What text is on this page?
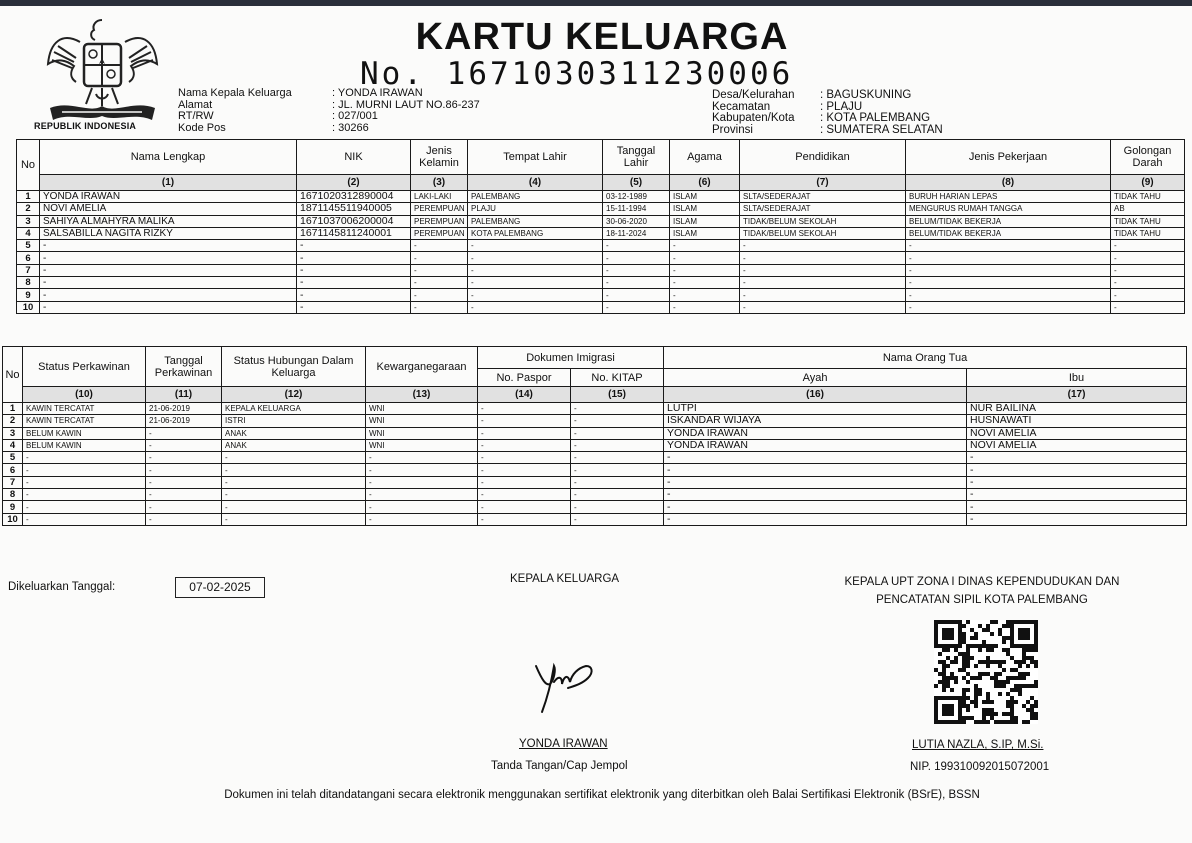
REPUBLIK INDONESIA
KARTU KELUARGA
No. 1671030311230006
Nama Kepala Keluarga	: YONDA IRAWAN
Alamat	: JL. MURNI LAUT NO.86-237
RT/RW	: 027/001
Kode Pos	: 30266
Desa/Kelurahan	: BAGUSKUNING
Kecamatan	: PLAJU
Kabupaten/Kota	: KOTA PALEMBANG
Provinsi	: SUMATERA SELATAN
No	Nama Lengkap	NIK	Jenis Kelamin	Tempat Lahir	Tanggal Lahir	Agama	Pendidikan	Jenis Pekerjaan	Golongan Darah
	(1)	(2)	(3)	(4)	(5)	(6)	(7)	(8)	(9)
1	YONDA IRAWAN	1671020312890004	LAKI-LAKI	PALEMBANG	03-12-1989	ISLAM	SLTA/SEDERAJAT	BURUH HARIAN LEPAS	TIDAK TAHU
2	NOVI AMELIA	1871145511940005	PEREMPUAN	PLAJU	15-11-1994	ISLAM	SLTA/SEDERAJAT	MENGURUS RUMAH TANGGA	AB
3	SAHIYA ALMAHYRA MALIKA	1671037006200004	PEREMPUAN	PALEMBANG	30-06-2020	ISLAM	TIDAK/BELUM SEKOLAH	BELUM/TIDAK BEKERJA	TIDAK TAHU
4	SALSABILLA NAGITA RIZKY	1671145811240001	PEREMPUAN	KOTA PALEMBANG	18-11-2024	ISLAM	TIDAK/BELUM SEKOLAH	BELUM/TIDAK BEKERJA	TIDAK TAHU
5	-	-	-	-	-	-	-	-	-
6	-	-	-	-	-	-	-	-	-
7	-	-	-	-	-	-	-	-	-
8	-	-	-	-	-	-	-	-	-
9	-	-	-	-	-	-	-	-	-
10	-	-	-	-	-	-	-	-	-
No	Status Perkawinan	Tanggal Perkawinan	Status Hubungan Dalam Keluarga	Kewarganegaraan	Dokumen Imigrasi		Nama Orang Tua	
					No. Paspor	No. KITAP	Ayah	Ibu
	(10)	(11)	(12)	(13)	(14)	(15)	(16)	(17)
1	KAWIN TERCATAT	21-06-2019	KEPALA KELUARGA	WNI	-	-	LUTPI	NUR BAILINA
2	KAWIN TERCATAT	21-06-2019	ISTRI	WNI	-	-	ISKANDAR WIJAYA	HUSNAWATI
3	BELUM KAWIN	-	ANAK	WNI	-	-	YONDA IRAWAN	NOVI AMELIA
4	BELUM KAWIN	-	ANAK	WNI	-	-	YONDA IRAWAN	NOVI AMELIA
5	-	-	-	-	-	-	-	-
6	-	-	-	-	-	-	-	-
7	-	-	-	-	-	-	-	-
8	-	-	-	-	-	-	-	-
9	-	-	-	-	-	-	-	-
10	-	-	-	-	-	-	-	-
Dikeluarkan Tanggal:	07-02-2025
KEPALA KELUARGA	KEPALA UPT ZONA I DINAS KEPENDUDUKAN DAN
PENCATATAN SIPIL KOTA PALEMBANG
YONDA IRAWAN
Tanda Tangan/Cap Jempol
LUTIA NAZLA, S.IP, M.Si.
NIP. 199310092015072001
Dokumen ini telah ditandatangani secara elektronik menggunakan sertifikat elektronik yang diterbitkan oleh Balai Sertifikasi Elektronik (BSrE), BSSN
